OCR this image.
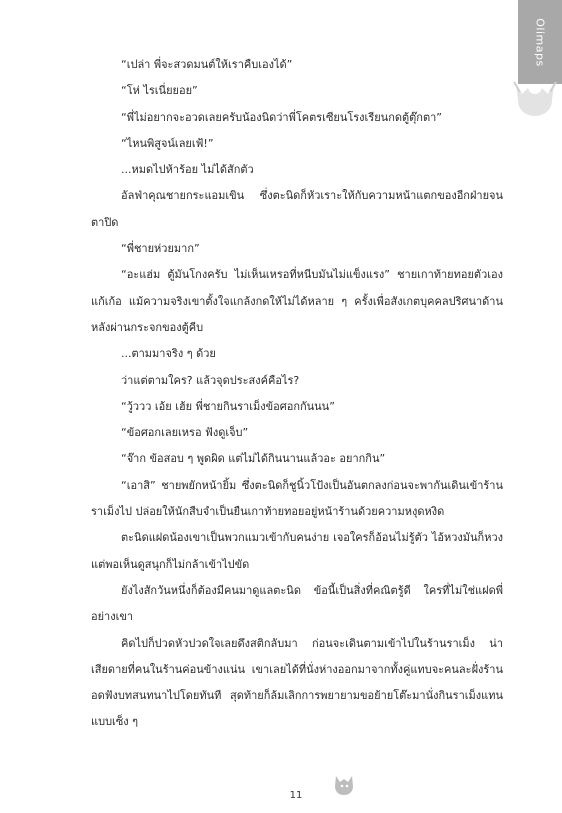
Olimaps

“เปล่า พี่จะสวดมนต์ให้เราคืบเองได้”

“โห่ ไรเนี่ยยอย”

“พี่ไม่อยากจะอวดเลยครับน้องนิดว่าพี่โคตรเซียนโรงเรียนกดตู้ตุ๊กตา”

“ไหนพิสูจน์เลยเฟ้!”

...หมดไปห้าร้อย ไม่ได้สักตัว

อัลฟ่าคุณชายกระแอมเขิน ซึ่งตะนิดก็หัวเราะให้กับความหน้าแตกของอีกฝ่ายจนตาปิด

“พี่ชายห่วยมาก”

“อะแฮ่ม ตู้มันโกงครับ ไม่เห็นเหรอที่หนีบมันไม่แข็งแรง” ชายเกาท้ายทอยตัวเองแก้เก้อ แม้ความจริงเขาตั้งใจแกล้งกดให้ไม่ได้หลาย ๆ ครั้งเพื่อสังเกตบุคคลปริศนาด้านหลังผ่านกระจกของตู้คีบ

...ตามมาจริง ๆ ด้วย

ว่าแต่ตามใคร? แล้วจุดประสงค์คือไร?

“วู้ววว เอ้ย เฮ้ย พี่ชายกินราเม็งข้อศอกกันนน”

“ข้อศอกเลยเหรอ ฟังดูเจ็บ”

“จ๊าก ข้อสอบ ๆ พูดผิด แต่ไม่ได้กินนานแล้วอะ อยากกิน”

“เอาสิ” ชายพยักหน้ายิ้ม ซึ่งตะนิดก็ชูนิ้วโป้งเป็นอันตกลงก่อนจะพากันเดินเข้าร้านราเม็งไป ปล่อยให้นักสืบจำเป็นยืนเกาท้ายทอยอยู่หน้าร้านด้วยความหงุดหงิด

ตะนิดแฝดน้องเขาเป็นพวกแมวเข้ากับคนง่าย เจอใครก็อ้อนไม่รู้ตัว ไอ้หวงมันก็หวง แต่พอเห็นดูสนุกก็ไม่กล้าเข้าไปขัด

ยังไงสักวันหนึ่งก็ต้องมีคนมาดูแลตะนิด ข้อนี้เป็นสิ่งที่คณิตรู้ดี ใครที่ไม่ใช่แฝดพี่อย่างเขา

คิดไปก็ปวดหัวปวดใจเลยดึงสติกลับมา ก่อนจะเดินตามเข้าไปในร้านราเม็ง น่าเสียดายที่คนในร้านค่อนข้างแน่น เขาเลยได้ที่นั่งห่างออกมาจากทั้งคู่แทบจะคนละฝั่งร้าน อดฟังบทสนทนาไปโดยทันที สุดท้ายก็ล้มเลิกการพยายามขอย้ายโต๊ะมานั่งกินราเม็งแทนแบบเซ็ง ๆ

11
